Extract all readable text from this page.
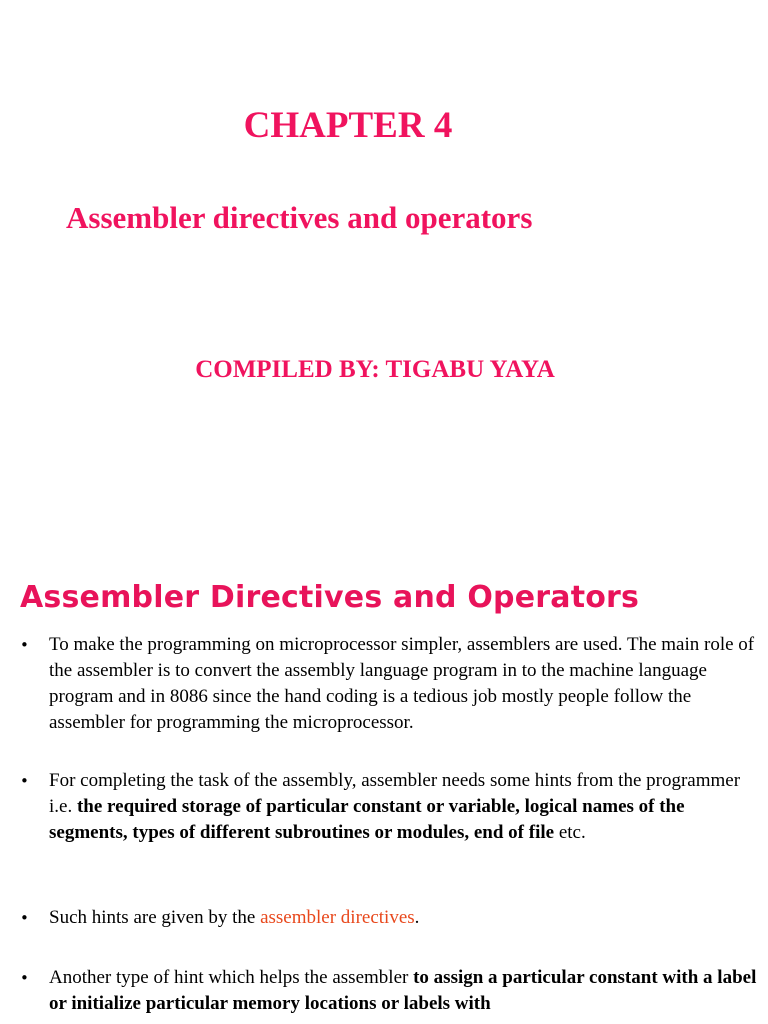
CHAPTER 4
Assembler directives and operators
COMPILED BY: TIGABU YAYA
Assembler Directives and Operators
•	To make the programming on microprocessor simpler, assemblers are used. The main role of the assembler is to convert the assembly language program in to the machine language program and in 8086 since the hand coding is a tedious job mostly people follow the assembler for programming the microprocessor.
•	For completing the task of the assembly, assembler needs some hints from the programmer i.e. the required storage of particular constant or variable, logical names of the segments, types of different subroutines or modules, end of file etc.
•	Such hints are given by the assembler directives.
•	Another type of hint which helps the assembler to assign a particular constant with a label or initialize particular memory locations or labels with
